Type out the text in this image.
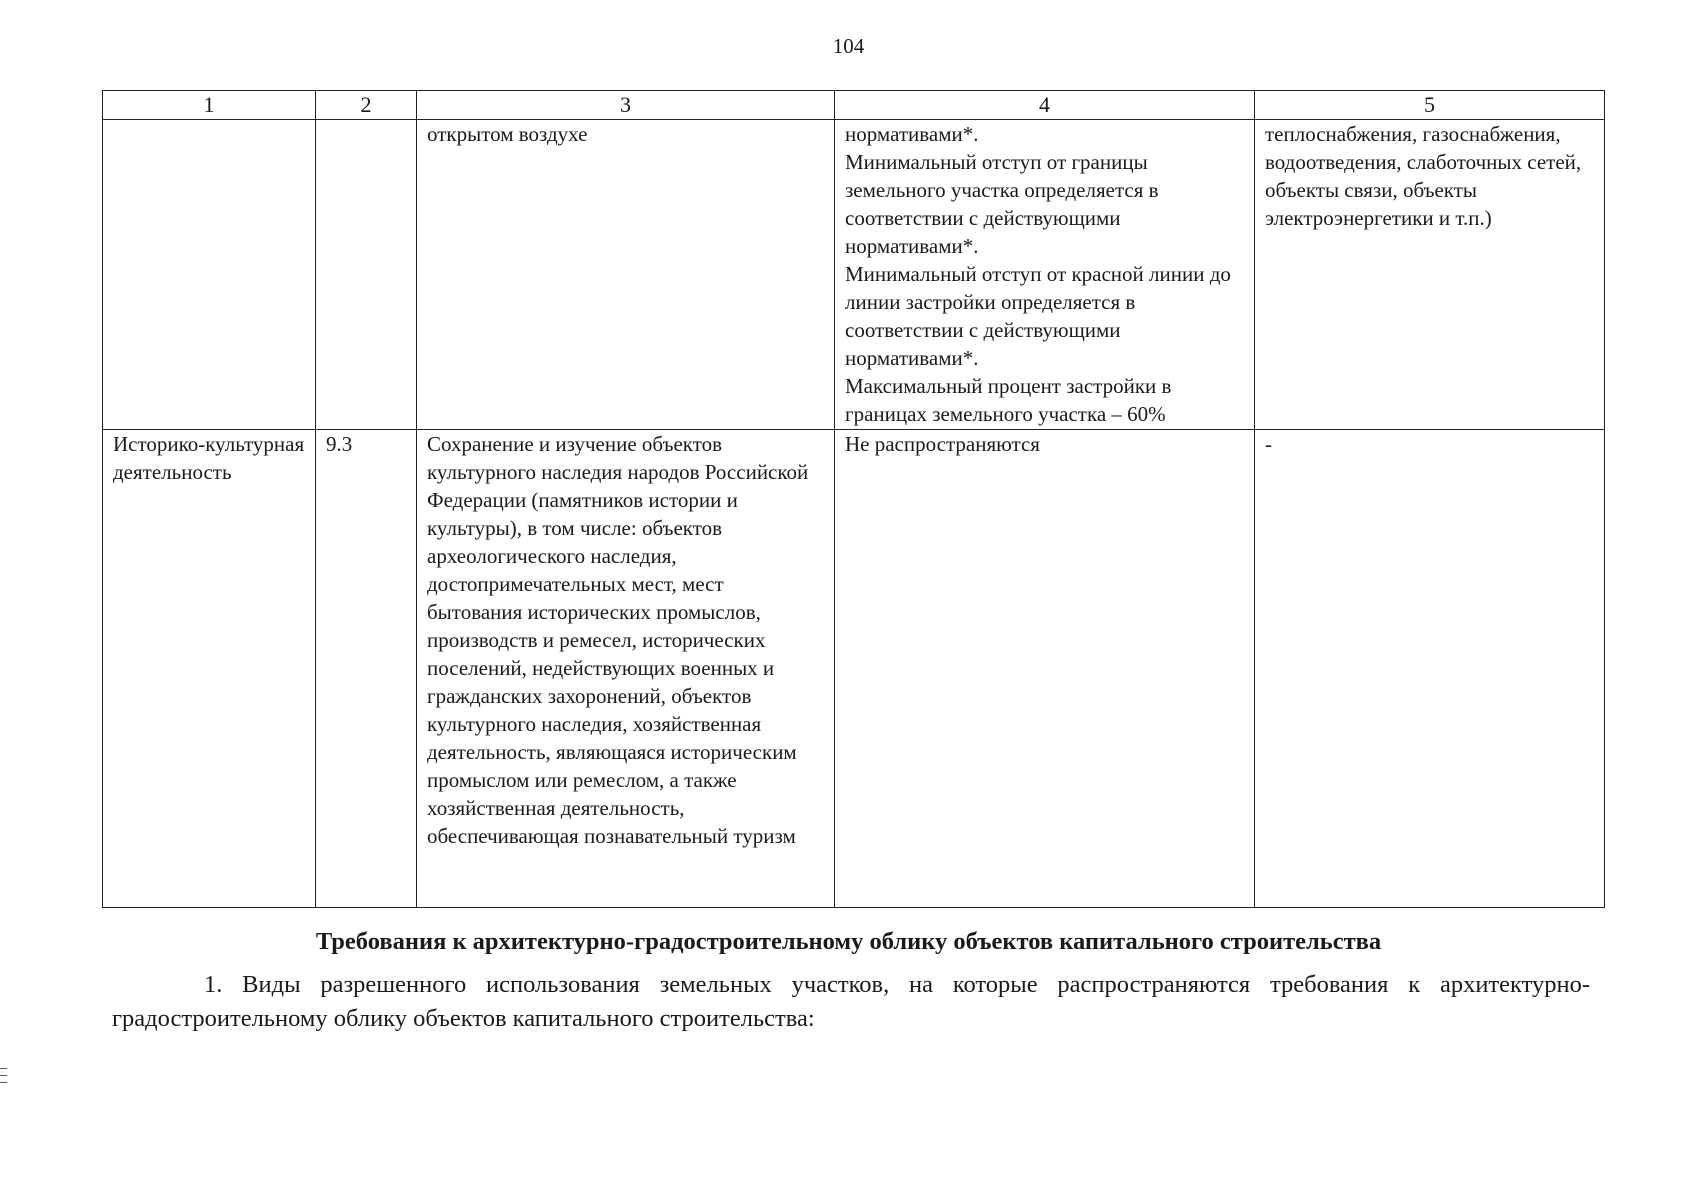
104
1	2	3	4	5
		открытом воздухе	нормативами*.
Минимальный отступ от границы земельного участка определяется в соответствии с действующими нормативами*.
Минимальный отступ от красной линии до линии застройки определяется в соответствии с действующими нормативами*.
Максимальный процент застройки в границах земельного участка – 60%	теплоснабжения, газоснабжения, водоотведения, слаботочных сетей, объекты связи, объекты электроэнергетики и т.п.)
Историко-культурная деятельность	9.3	Сохранение и изучение объектов культурного наследия народов Российской Федерации (памятников истории и культуры), в том числе: объектов археологического наследия, достопримечательных мест, мест бытования исторических промыслов, производств и ремесел, исторических поселений, недействующих военных и гражданских захоронений, объектов культурного наследия, хозяйственная деятельность, являющаяся историческим промыслом или ремеслом, а также хозяйственная деятельность, обеспечивающая познавательный туризм	Не распространяются	-
Требования к архитектурно-градостроительному облику объектов капитального строительства
1. Виды разрешенного использования земельных участков, на которые распространяются требования к архитектурно-градостроительному облику объектов капитального строительства:
